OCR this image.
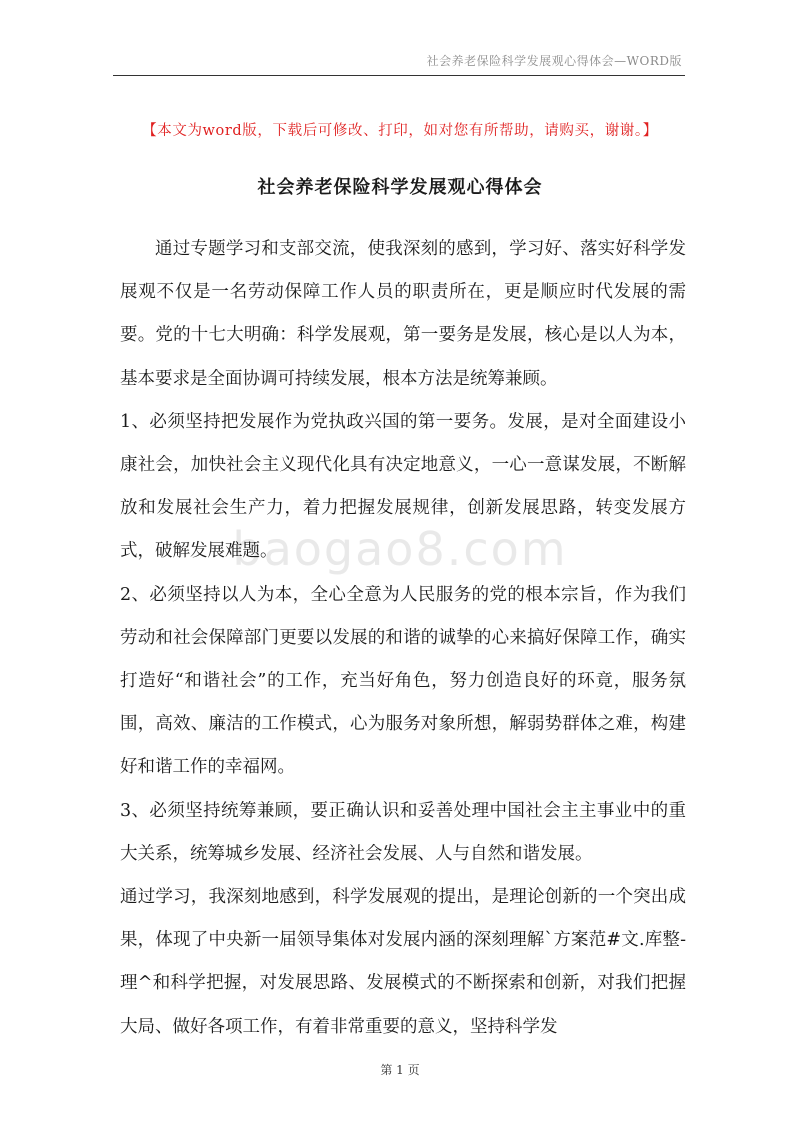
社会养老保险科学发展观心得体会—WORD版
【本文为word版，下载后可修改、打印，如对您有所帮助，请购买，谢谢。】
社会养老保险科学发展观心得体会
baogao8.com

通过专题学习和支部交流，使我深刻的感到，学习好、落实好科学发展观不仅是一名劳动保障工作人员的职责所在，更是顺应时代发展的需要。党的十七大明确：科学发展观，第一要务是发展，核心是以人为本，基本要求是全面协调可持续发展，根本方法是统筹兼顾。

1、必须坚持把发展作为党执政兴国的第一要务。发展，是对全面建设小康社会，加快社会主义现代化具有决定地意义，一心一意谋发展，不断解放和发展社会生产力，着力把握发展规律，创新发展思路，转变发展方式，破解发展难题。

2、必须坚持以人为本，全心全意为人民服务的党的根本宗旨，作为我们劳动和社会保障部门更要以发展的和谐的诚挚的心来搞好保障工作，确实打造好“和谐社会”的工作，充当好角色，努力创造良好的环竟，服务氛围，高效、廉洁的工作模式，心为服务对象所想，解弱势群体之难，构建好和谐工作的幸福网。

3、必须坚持统筹兼顾，要正确认识和妥善处理中国社会主主事业中的重大关系，统筹城乡发展、经济社会发展、人与自然和谐发展。

通过学习，我深刻地感到，科学发展观的提出，是理论创新的一个突出成果，体现了中央新一届领导集体对发展内涵的深刻理解`方案范#文.库整-理^和科学把握，对发展思路、发展模式的不断探索和创新，对我们把握大局、做好各项工作，有着非常重要的意义，坚持科学发

第 1 页
